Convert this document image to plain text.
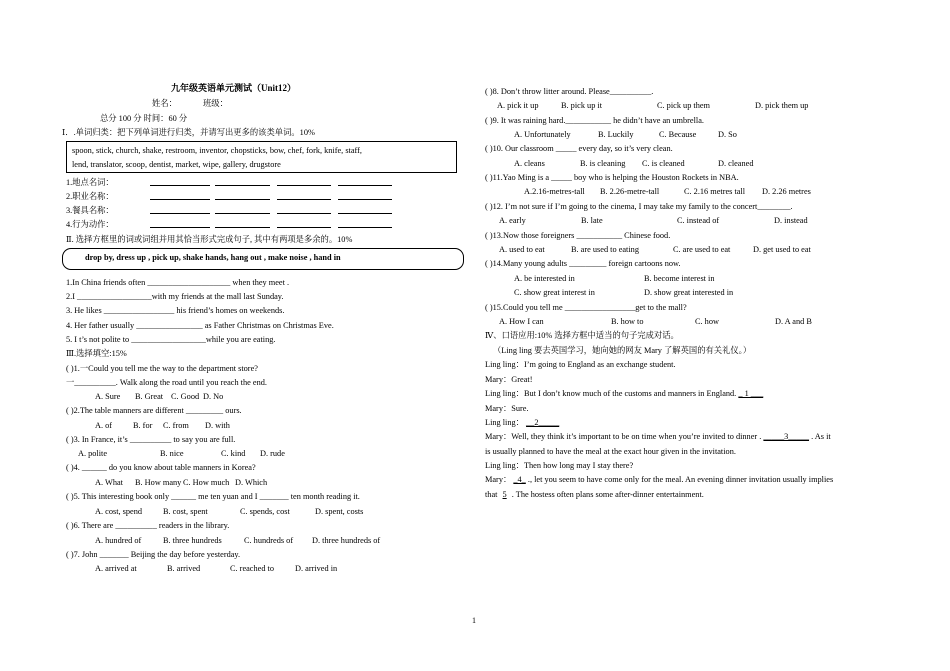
九年级英语单元测试（Unit12）
姓名：	班级：
总分 100 分 时间：60 分
Ⅰ．.单词归类：把下列单词进行归类，并请写出更多的该类单词。10%
spoon, stick, church, shake, restroom, inventor, chopsticks, bow, chef, fork, knife, staff,
lend, translator, scoop, dentist, market, wipe, gallery, drugstore
1.地点名词：
2.职业名称：
3.餐具名称：
4.行为动作：
Ⅱ. 选择方框里的词或词组并用其恰当形式完成句子, 其中有两项是多余的。10%
drop by, dress up , pick up, shake hands, hang out , make noise , hand in
1.In China friends often ____________________ when they meet .
2.I __________________with my friends at the mall last Sunday.
3. He likes _________________ his friend’s homes on weekends.
4. Her father usually ________________ as Father Christmas on Christmas Eve.
5. I t’s not polite to __________________while you are eating.
Ⅲ.选择填空:15%
( )1.一Could you tell me the way to the department store?
一__________. Walk along the road until you reach the end.
A. Sure B. Great C. Good D. No
( )2.The table manners are different _________ ours.
A. of	B. for C. from D. with
( )3. In France, it’s __________ to say you are full.
A. polite	B. nice	C. kind D. rude
( )4. ______ do you know about table manners in Korea?
A. What B. How many C. How much D. Which
( )5. This interesting book only ______ me ten yuan and I _______ ten month reading it.
A. cost, spend	B. cost, spent	C. spends, cost	D. spent, costs
( )6. There are __________ readers in the library.
A. hundred of	B. three hundreds	C. hundreds of D. three hundreds of
( )7. John _______ Beijing the day before yesterday.
A. arrived at	B. arrived	C. reached to	D. arrived in
( )8. Don’t throw litter around. Please__________.
A. pick it up	B. pick up it	C. pick up them	D. pick them up
( )9. It was raining hard.___________ he didn’t have an umbrella.
A. Unfortunately	B. Luckily	C. Because	D. So
( )10. Our classroom _____ every day, so it’s very clean.
A. cleans	B. is cleaning C. is cleaned	D. cleaned
( )11.Yao Ming is a _____ boy who is helping the Houston Rockets in NBA.
A.2.16-metres-tall B. 2.26-metre-tall	C. 2.16 metres tall D. 2.26 metres
( )12. I’m not sure if I’m going to the cinema, I may take my family to the concert________.
A. early	B. late	C. instead of	D. instead
( )13.Now those foreigners ___________ Chinese food.
A. used to eat	B. are used to eating	C. are used to eat	D. get used to eat
( )14.Many young adults _________ foreign cartoons now.
A. be interested in	B. become interest in
C. show great interest in	D. show great interested in
( )15.Could you tell me _________________get to the mall?
A. How I can	B. how to	C. how	D. A and B
Ⅳ、口语应用:10% 选择方框中适当的句子完成对话。
（Ling ling 要去英国学习，她向她的网友 Mary 了解英国的有关礼仪。）
Ling ling：I’m going to England as an exchange student.
Mary：Great!
Ling ling：But I don’t know much of the customs and manners in England. _ 1 ___
Mary：Sure.
Ling ling： __2_____
Mary：Well, they think it’s important to be on time when you’re invited to dinner . _____3_____ . As it
is usually planned to have the meal at the exact hour given in the invitation.
Ling ling：Then how long may I stay there?
Mary： _4_ ., let you seem to have come only for the meal. An evening dinner invitation usually implies
that 5 . The hostess often plans some after-dinner entertainment.
1
